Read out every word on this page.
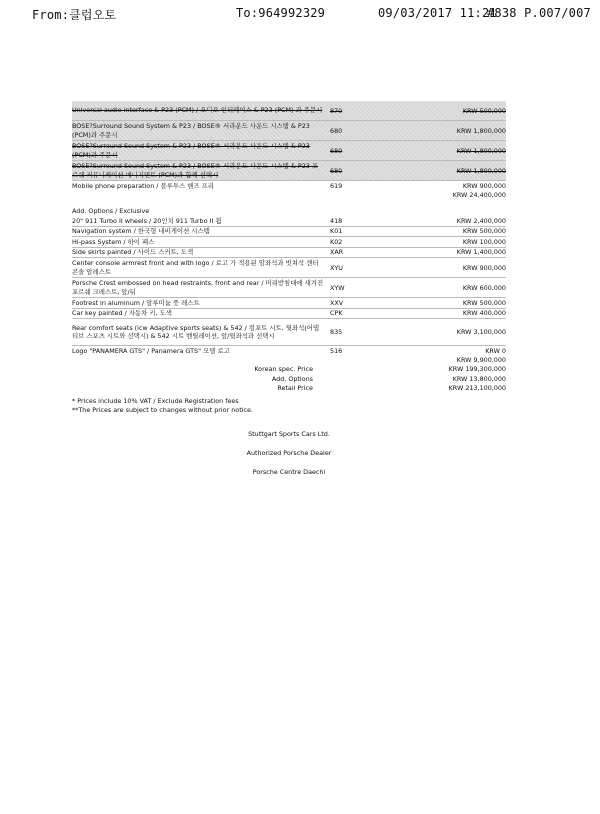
From:클럽오토	To:964992329	09/03/2017 11:21
#838 P.007/007
Universal audio interface & P23 (PCM) / 오디오 인터페이스 & P23 (PCM) 과 주문시	870	KRW 500,000
BOSE?Surround Sound System & P23 / BOSE® 서라운드 사운드 시스템 & P23 (PCM)과 주문시	680	KRW 1,800,000
BOSE?Surround Sound System & P23 / BOSE® 서라운드 사운드 시스템 & P23 (PCM)과 주문시	680	KRW 1,800,000
BOSE?Surround Sound System & P23 / BOSE® 서라운드 사운드 시스템 & P23 포르쉐 커뮤니케이션 매니지먼트 (PCM)과 함께 선택시	680	KRW 1,800,000
Mobile phone preparation / 블루투스 핸즈 프리	619	KRW 900,000
KRW 24,400,000
Add. Options / Exclusive
20" 911 Turbo II wheels / 20인치 911 Turbo II 휠	418	KRW 2,400,000
Navigation system / 한국형 네비게이션 시스템	K01	KRW 500,000
Hi-pass System / 하이 패스	K02	KRW 100,000
Side skirts painted / 사이드 스커트, 도색	XAR	KRW 1,400,000
Center console armrest front and with logo / 로고 가 적용된 암좌석과 빗쳐석 센터 콘솔 암레스트	XYU	KRW 900,000
Porsche Crest embossed on head restraints, front and rear / 머리받침대에 새겨진 포르쉐 크레스트, 앞/뒤	XYW	KRW 600,000
Footrest in aluminum / 알루미늄 풋 레스트	XXV	KRW 500,000
Car key painted / 자동차 키, 도색	CPK	KRW 400,000
Rear comfort seats (icw Adaptive sports seats) & 542 / 컴포트 시트, 뒷좌석(어댑티브 스포츠 시트와 선택시) & 542 시트 벤틸레이션, 앞/뒷좌석과 선택시	835	KRW 3,100,000
Logo "PANAMERA GTS" / Panamera GTS" 모델 로고	516	KRW 0
KRW 9,900,000
Korean spec. Price	KRW 199,300,000
Add. Options	KRW 13,800,000
Retail Price	KRW 213,100,000
* Prices include 10% VAT / Exclude Registration fees
**The Prices are subject to changes without prior notice.
Stuttgart Sports Cars Ltd.
Authorized Porsche Dealer
Porsche Centre Daechi
